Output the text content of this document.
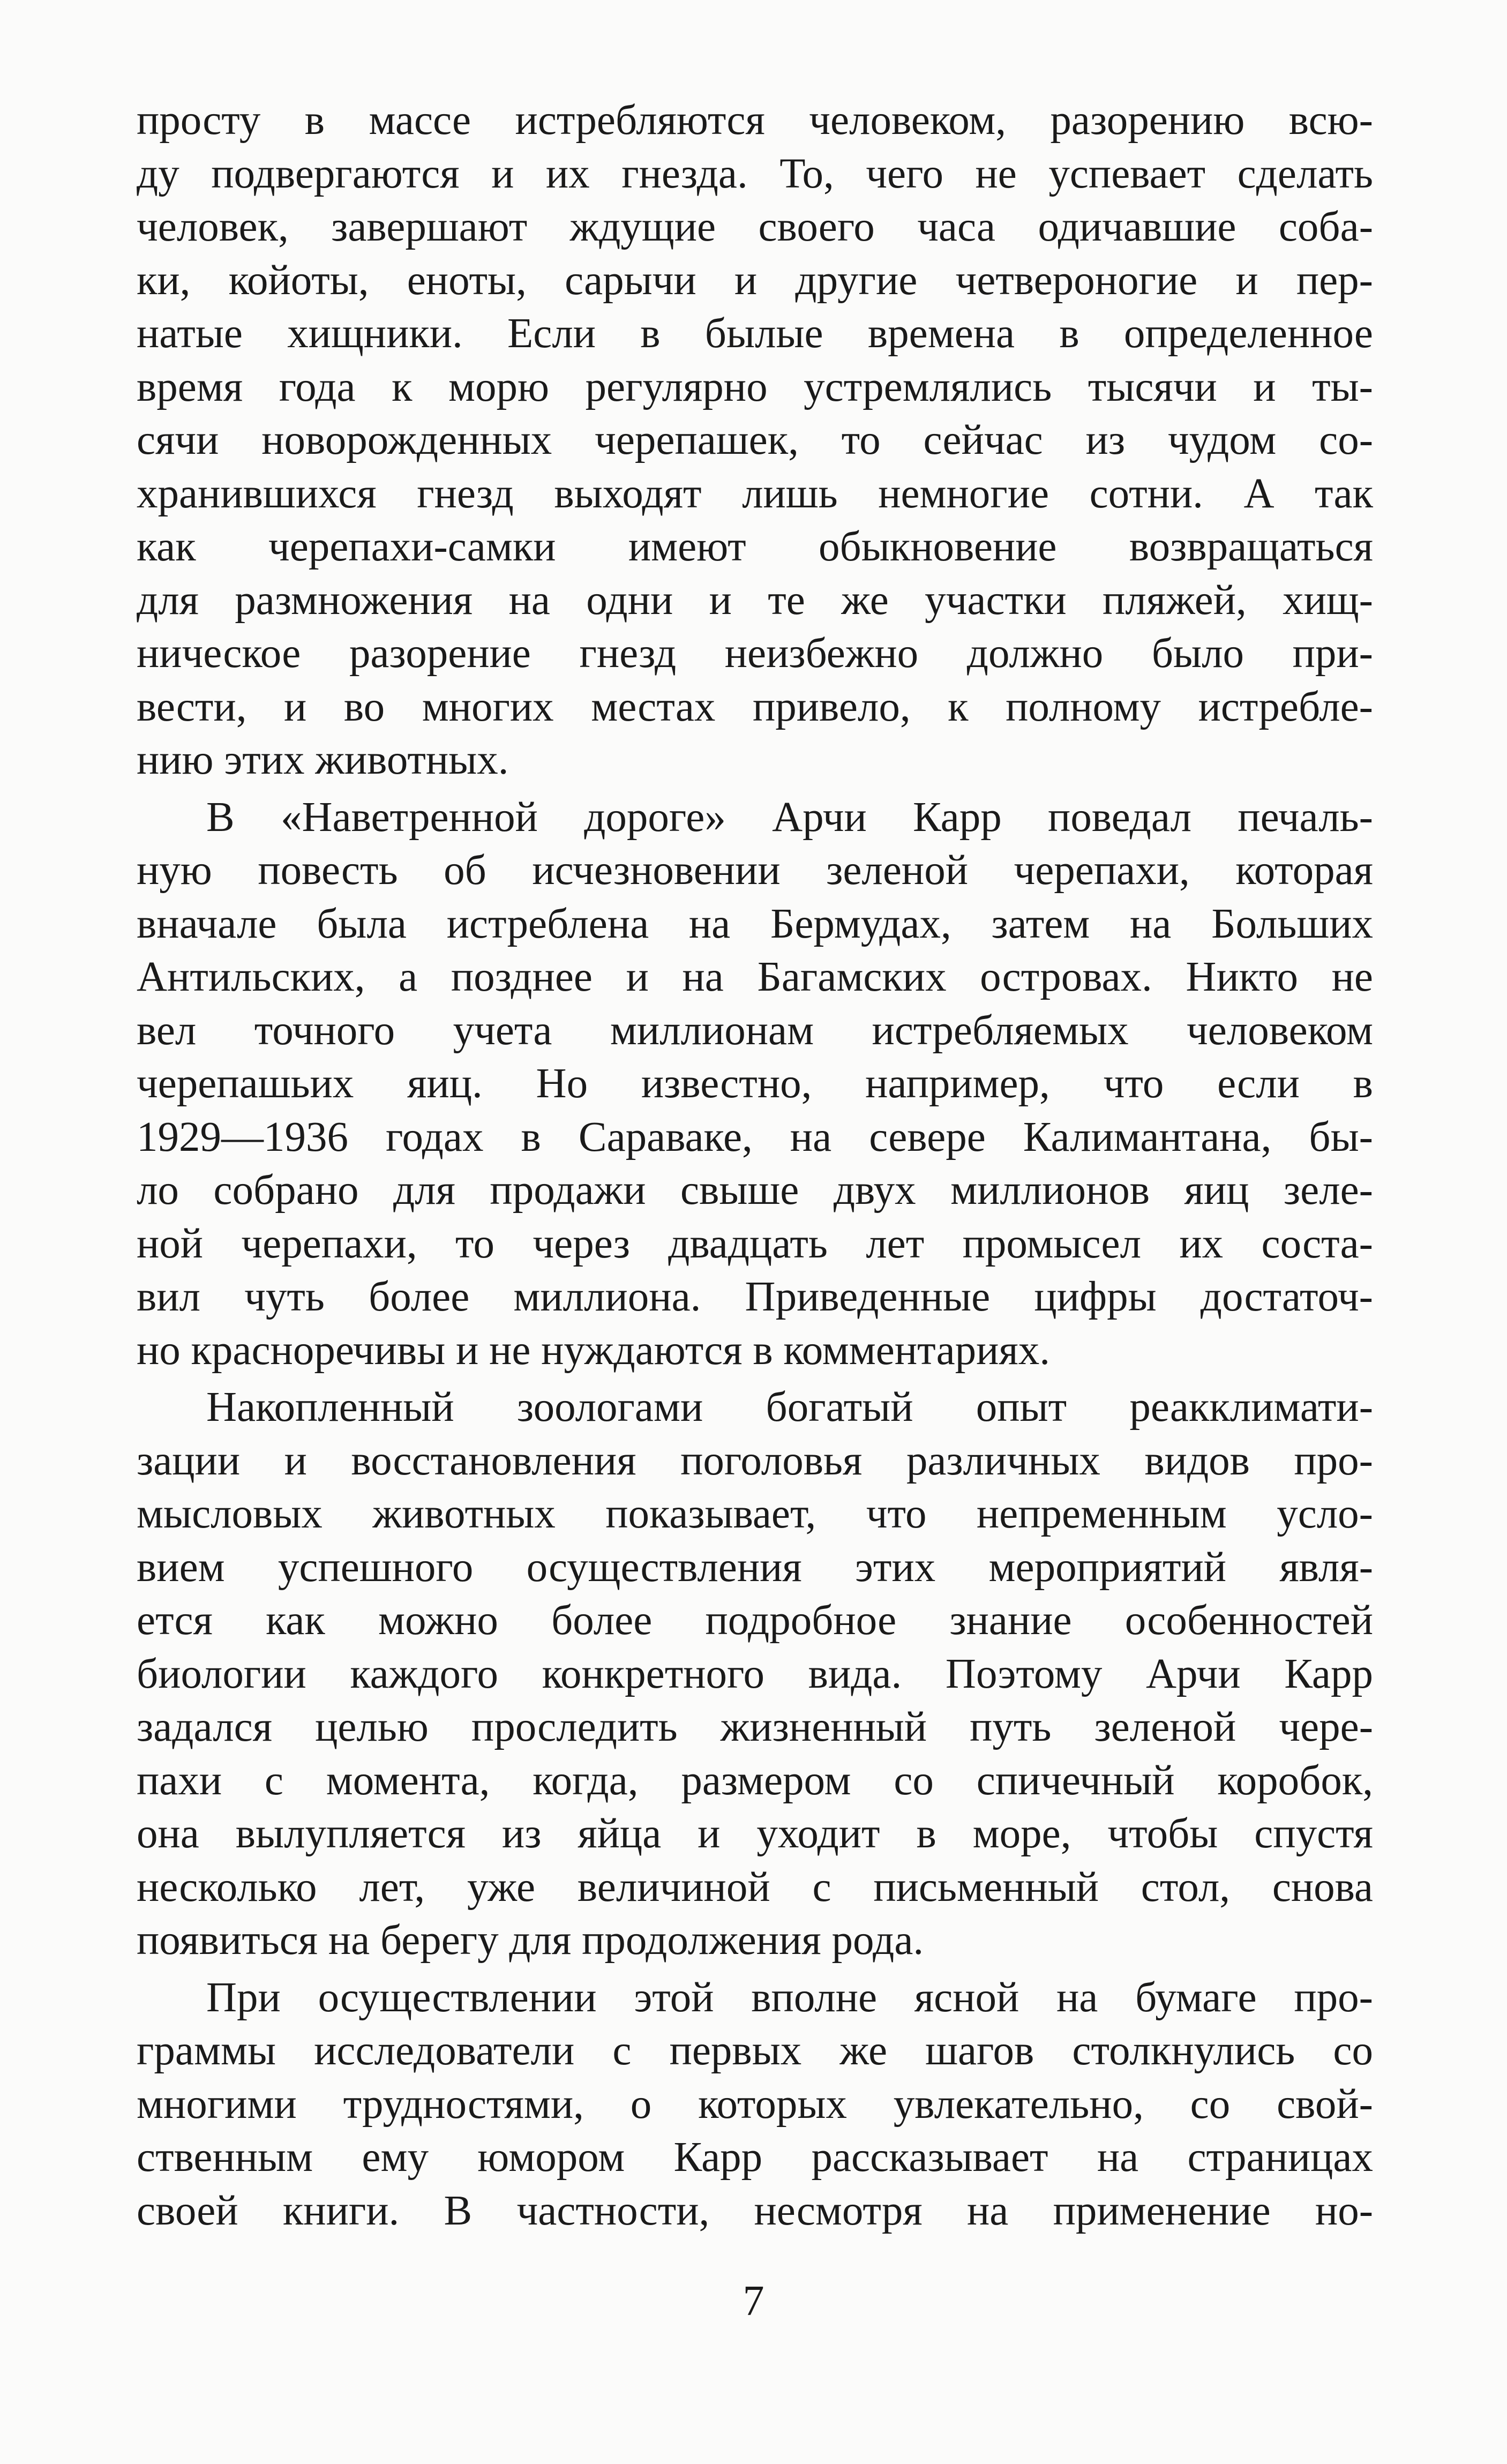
просту в массе истребляются человеком, разорению всю-
ду подвергаются и их гнезда. То, чего не успевает сделать
человек, завершают ждущие своего часа одичавшие соба-
ки, койоты, еноты, сарычи и другие четвероногие и пер-
натые хищники. Если в былые времена в определенное
время года к морю регулярно устремлялись тысячи и ты-
сячи новорожденных черепашек, то сейчас из чудом со-
хранившихся гнезд выходят лишь немногие сотни. А так
как черепахи-самки имеют обыкновение возвращаться
для размножения на одни и те же участки пляжей, хищ-
ническое разорение гнезд неизбежно должно было при-
вести, и во многих местах привело, к полному истребле-
нию этих животных.
В «Наветренной дороге» Арчи Карр поведал печаль-
ную повесть об исчезновении зеленой черепахи, которая
вначале была истреблена на Бермудах, затем на Больших
Антильских, а позднее и на Багамских островах. Никто не
вел точного учета миллионам истребляемых человеком
черепашьих яиц. Но известно, например, что если в
1929—1936 годах в Сараваке, на севере Калимантана, бы-
ло собрано для продажи свыше двух миллионов яиц зеле-
ной черепахи, то через двадцать лет промысел их соста-
вил чуть более миллиона. Приведенные цифры достаточ-
но красноречивы и не нуждаются в комментариях.
Накопленный зоологами богатый опыт реакклимати-
зации и восстановления поголовья различных видов про-
мысловых животных показывает, что непременным усло-
вием успешного осуществления этих мероприятий явля-
ется как можно более подробное знание особенностей
биологии каждого конкретного вида. Поэтому Арчи Карр
задался целью проследить жизненный путь зеленой чере-
пахи с момента, когда, размером со спичечный коробок,
она вылупляется из яйца и уходит в море, чтобы спустя
несколько лет, уже величиной с письменный стол, снова
появиться на берегу для продолжения рода.
При осуществлении этой вполне ясной на бумаге про-
граммы исследователи с первых же шагов столкнулись со
многими трудностями, о которых увлекательно, со свой-
ственным ему юмором Карр рассказывает на страницах
своей книги. В частности, несмотря на применение но-
7
